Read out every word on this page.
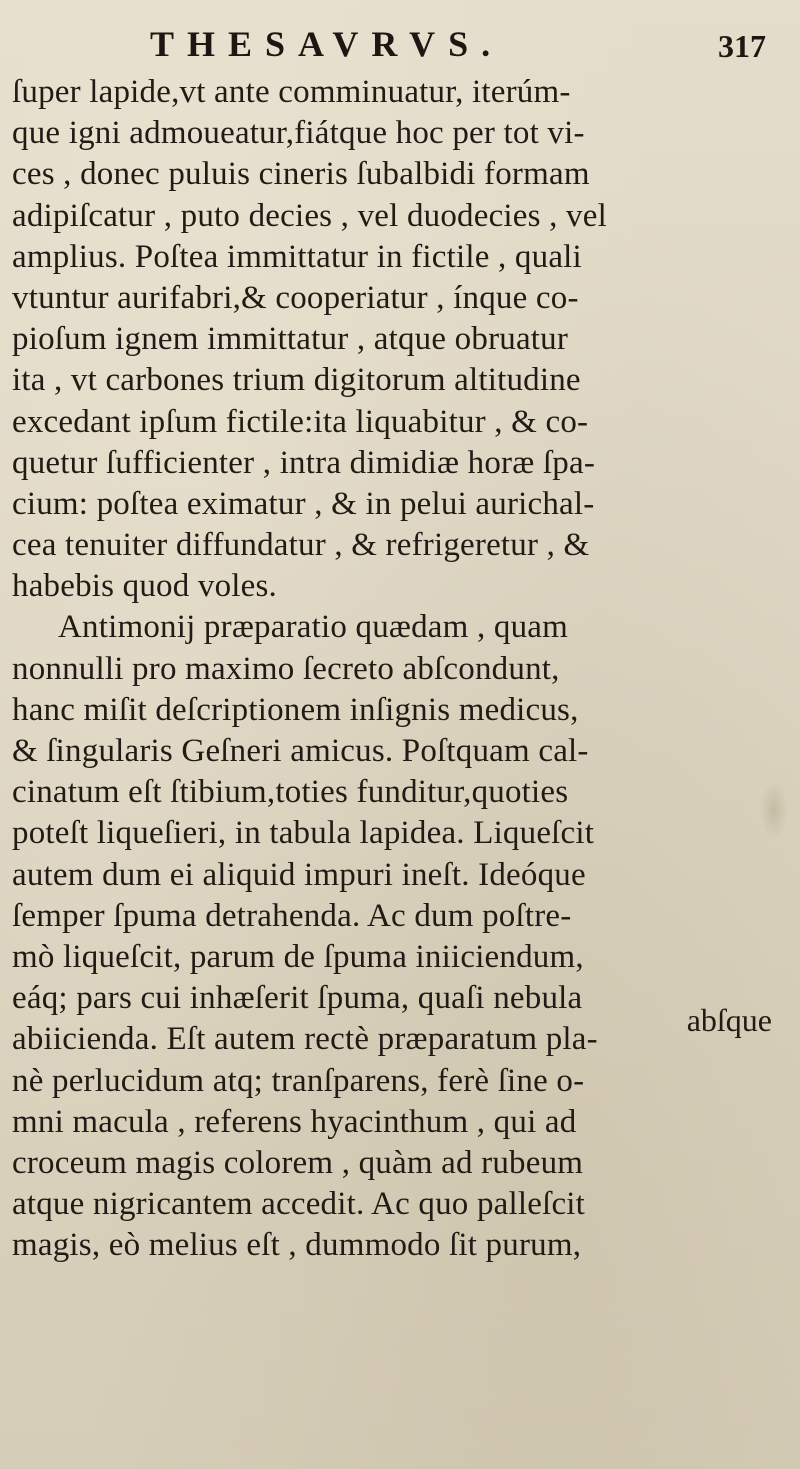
THESAVRVS.	317
ſuper lapide,vt ante comminuatur, iterúm-
que igni admoueatur,fiátque hoc per tot vi-
ces , donec puluis cineris ſubalbidi formam
adipiſcatur , puto decies , vel duodecies , vel
amplius. Poſtea immittatur in fictile , quali
vtuntur aurifabri,& cooperiatur , ínque co-
pioſum ignem immittatur , atque obruatur
ita , vt carbones trium digitorum altitudine
excedant ipſum fictile:ita liquabitur , & co-
quetur ſufficienter , intra dimidiæ horæ ſpa-
cium: poſtea eximatur , & in pelui aurichal-
cea tenuiter diffundatur , & refrigeretur , &
habebis quod voles.
Antimonij præparatio quædam , quam
nonnulli pro maximo ſecreto abſcondunt,
hanc miſit deſcriptionem inſignis medicus,
& ſingularis Geſneri amicus. Poſtquam cal-
cinatum eſt ſtibium,toties funditur,quoties
poteſt liqueſieri, in tabula lapidea. Liqueſcit
autem dum ei aliquid impuri ineſt. Ideóque
ſemper ſpuma detrahenda. Ac dum poſtre-
mò liqueſcit, parum de ſpuma iniiciendum,
eáq; pars cui inhæſerit ſpuma, quaſi nebula
abiicienda. Eſt autem rectè præparatum pla-
nè perlucidum atq; tranſparens, ferè ſine o-
mni macula , referens hyacinthum , qui ad
croceum magis colorem , quàm ad rubeum
atque nigricantem accedit. Ac quo palleſcit
magis, eò melius eſt , dummodo ſit purum,
abſque
